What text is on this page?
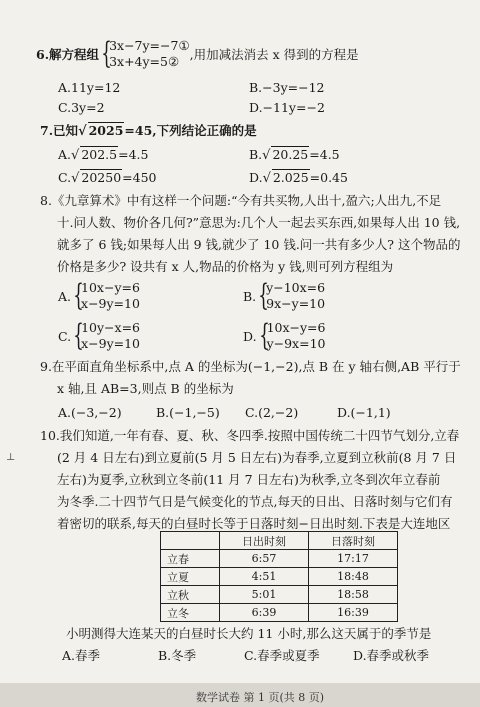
6.解方程组 {
3x−7y=−7①
3x+4y=5② ,用加减法消去 x 得到的方程是
A.11y=12	B.−3y=−12
C.3y=2	D.−11y=−2
7.已知√ 2025=45,下列结论正确的是
A.√ 202.5=4.5	B.√ 20.25=4.5
C.√ 20250=450	D.√ 2.025=0.45
8.《九章算术》中有这样一个问题:“今有共买物,人出十,盈六;人出九,不足
十.问人数、物价各几何?”意思为:几个人一起去买东西,如果每人出 10 钱,
就多了 6 钱;如果每人出 9 钱,就少了 10 钱.问一共有多少人? 这个物品的
价格是多少? 设共有 x 人,物品的价格为 y 钱,则可列方程组为
A. {
10x−y=6
x−9y=10	B. {
y−10x=6
9x−y=10
C. {
10y−x=6
x−9y=10	D. {
10x−y=6
y−9x=10
9.在平面直角坐标系中,点 A 的坐标为(−1,−2),点 B 在 y 轴右侧,AB 平行于
x 轴,且 AB=3,则点 B 的坐标为
A.(−3,−2)	B.(−1,−5) C.(2,−2)	D.(−1,1)
10.我们知道,一年有春、夏、秋、冬四季.按照中国传统二十四节气划分,立春
(2 月 4 日左右)到立夏前(5 月 5 日左右)为春季,立夏到立秋前(8 月 7 日
左右)为夏季,立秋到立冬前(11 月 7 日左右)为秋季,立冬到次年立春前
为冬季.二十四节气日是气候变化的节点,每天的日出、日落时刻与它们有
着密切的联系,每天的白昼时长等于日落时刻−日出时刻.下表是大连地区
	日出时刻	日落时刻
立春	6:57	17:17
立夏	4:51	18:48
立秋	5:01	18:58
立冬	6:39	16:39
小明测得大连某天的白昼时长大约 11 小时,那么这天属于的季节是
A.春季	B.冬季	C.春季或夏季	D.春季或秋季
⊥
数学试卷 第 1 页(共 8 页)
